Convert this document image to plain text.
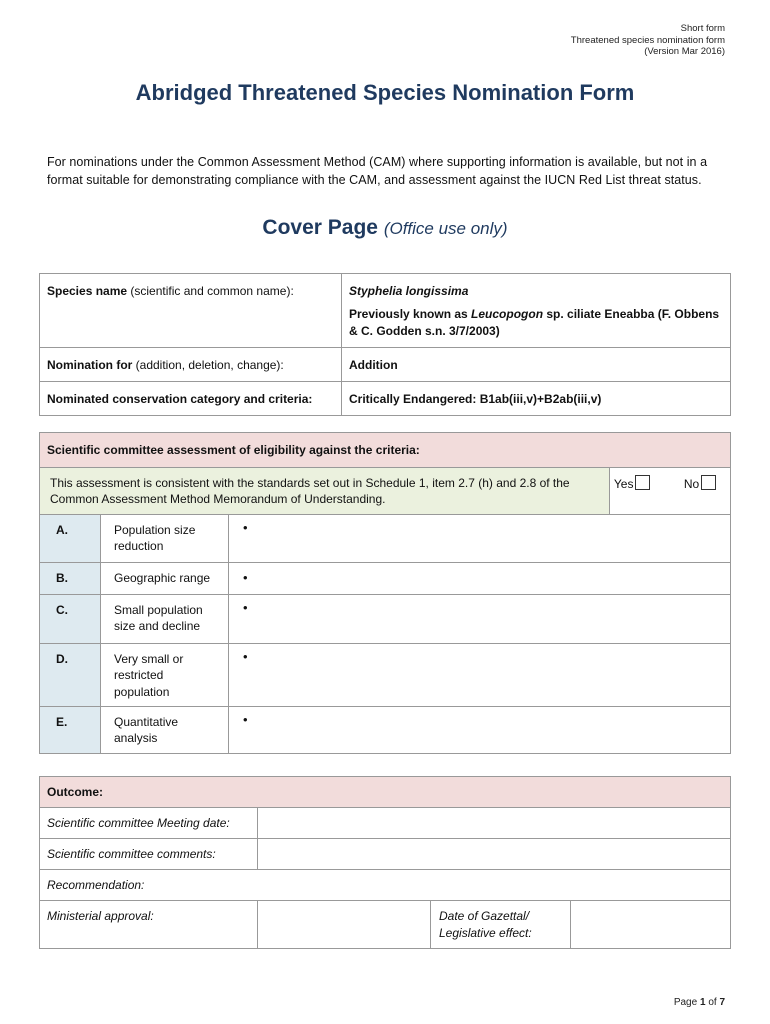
Short form
Threatened species nomination form
(Version Mar 2016)
Abridged Threatened Species Nomination Form
For nominations under the Common Assessment Method (CAM) where supporting information is available, but not in a format suitable for demonstrating compliance with the CAM, and assessment against the IUCN Red List threat status.
Cover Page (Office use only)
Species name (scientific and common name):	Styphelia longissima
Previously known as Leucopogon sp. ciliate Eneabba (F. Obbens & C. Godden s.n. 3/7/2003)

Nomination for (addition, deletion, change):	Addition
Nominated conservation category and criteria:	Critically Endangered: B1ab(iii,v)+B2ab(iii,v)
Scientific committee assessment of eligibility against the criteria:			
This assessment is consistent with the standards set out in Schedule 1, item 2.7 (h) and 2.8 of the Common Assessment Method Memorandum of Understanding.			Yes No
A.	Population size reduction	•	
B.	Geographic range	•	
C.	Small population size and decline	•	
D.	Very small or restricted population	•	
E.	Quantitative analysis	•	
Outcome:			
Scientific committee Meeting date:			
Scientific committee comments:			
Recommendation:			
Ministerial approval:		Date of Gazettal/ Legislative effect:	
Page 1 of 7
